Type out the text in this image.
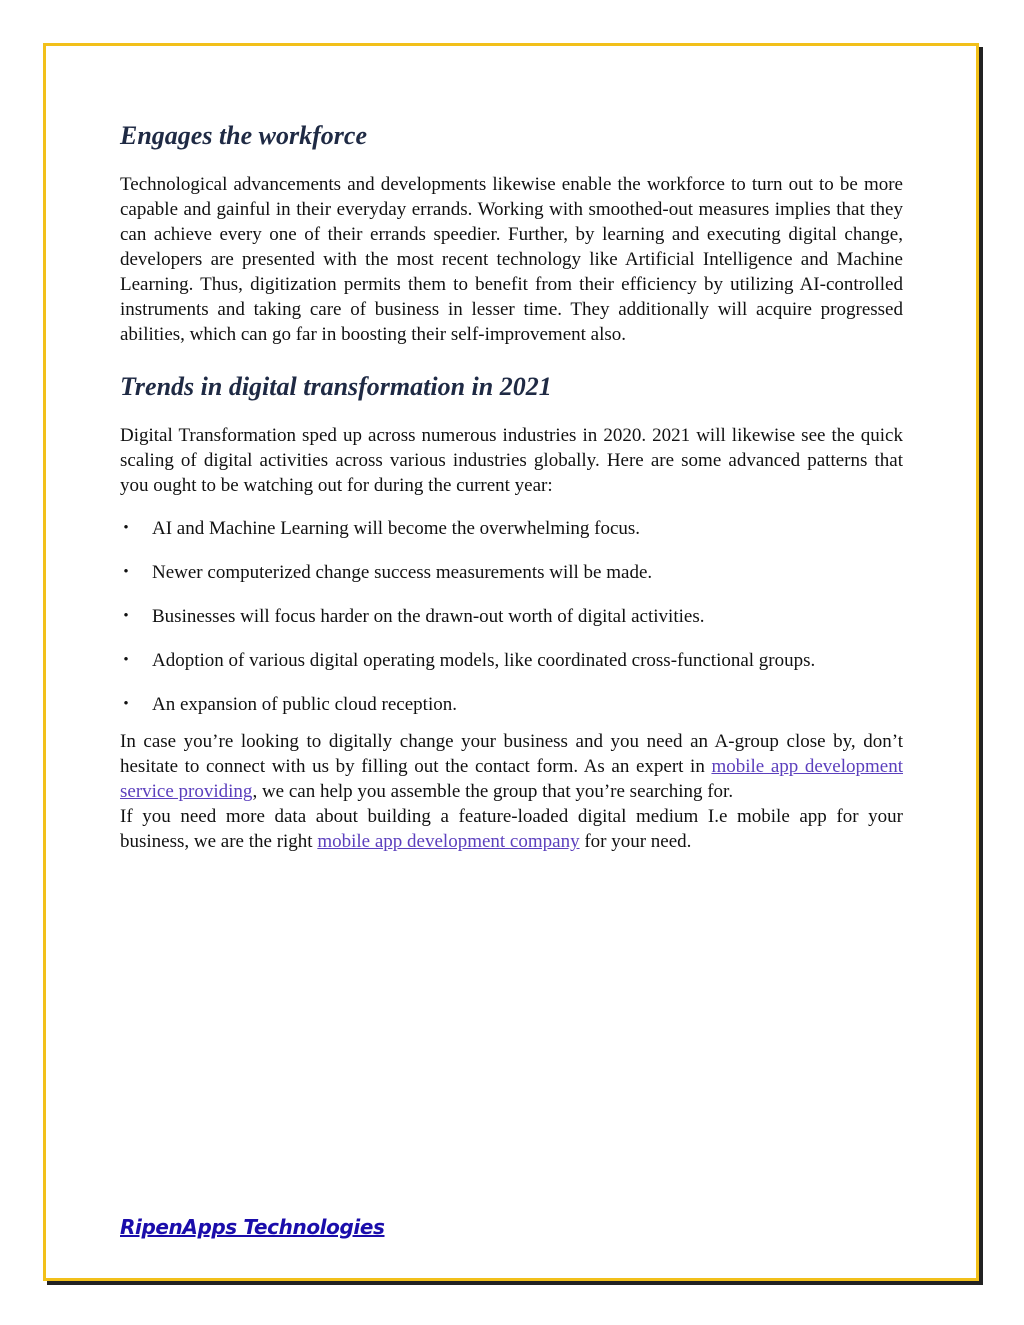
Engages the workforce

Technological advancements and developments likewise enable the workforce to turn out to be more capable and gainful in their everyday errands. Working with smoothed-out measures implies that they can achieve every one of their errands speedier. Further, by learning and executing digital change, developers are presented with the most recent technology like Artificial Intelligence and Machine Learning. Thus, digitization permits them to benefit from their efficiency by utilizing AI-controlled instruments and taking care of business in lesser time. They additionally will acquire progressed abilities, which can go far in boosting their self-improvement also.

Trends in digital transformation in 2021

Digital Transformation sped up across numerous industries in 2020. 2021 will likewise see the quick scaling of digital activities across various industries globally. Here are some advanced patterns that you ought to be watching out for during the current year:

• AI and Machine Learning will become the overwhelming focus.
• Newer computerized change success measurements will be made.
• Businesses will focus harder on the drawn-out worth of digital activities.
• Adoption of various digital operating models, like coordinated cross-functional groups.
• An expansion of public cloud reception.

In case you’re looking to digitally change your business and you need an A-group close by, don’t hesitate to connect with us by filling out the contact form. As an expert in mobile app development service providing, we can help you assemble the group that you’re searching for.

If you need more data about building a feature-loaded digital medium I.e mobile app for your business, we are the right mobile app development company for your need.

RipenApps Technologies
